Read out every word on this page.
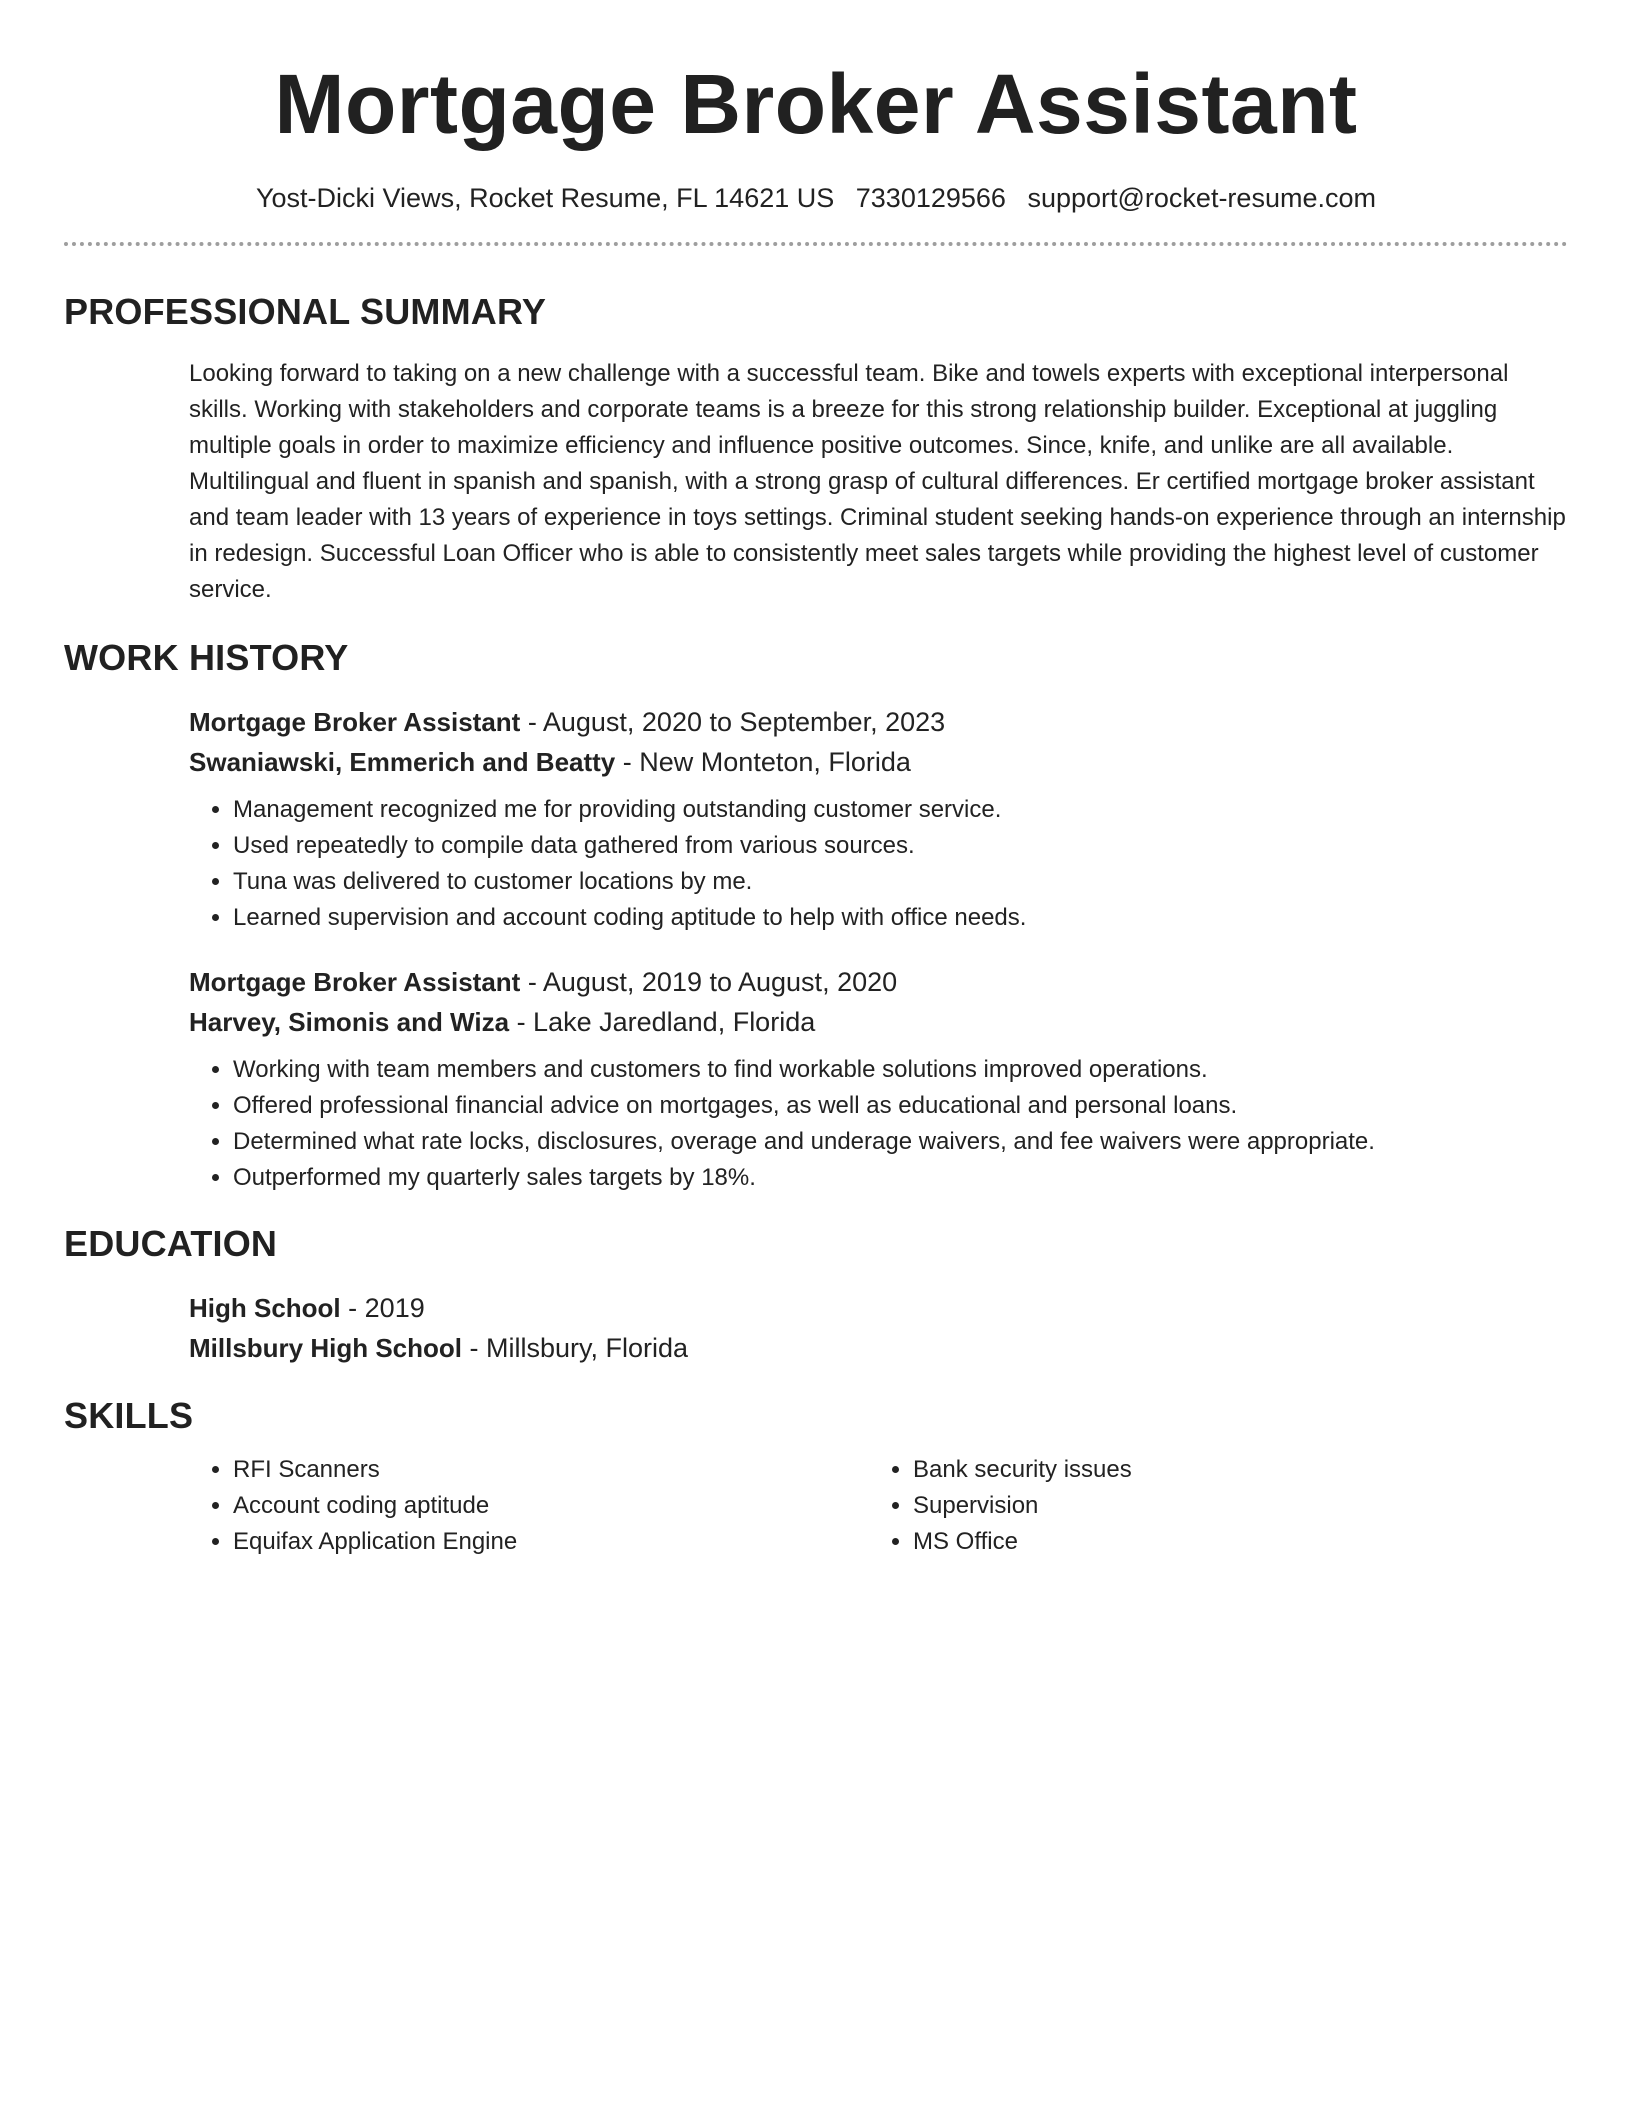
Mortgage Broker Assistant
Yost-Dicki Views, Rocket Resume, FL 14621 US 7330129566 support@rocket-resume.com
PROFESSIONAL SUMMARY

Looking forward to taking on a new challenge with a successful team. Bike and towels experts with exceptional interpersonal skills. Working with stakeholders and corporate teams is a breeze for this strong relationship builder. Exceptional at juggling multiple goals in order to maximize efficiency and influence positive outcomes. Since, knife, and unlike are all available. Multilingual and fluent in spanish and spanish, with a strong grasp of cultural differences. Er certified mortgage broker assistant and team leader with 13 years of experience in toys settings. Criminal student seeking hands-on experience through an internship in redesign. Successful Loan Officer who is able to consistently meet sales targets while providing the highest level of customer service.

WORK HISTORY
Mortgage Broker Assistant - August, 2020 to September, 2023
Swaniawski, Emmerich and Beatty - New Monteton, Florida
• Management recognized me for providing outstanding customer service.
• Used repeatedly to compile data gathered from various sources.
• Tuna was delivered to customer locations by me.
• Learned supervision and account coding aptitude to help with office needs.
Mortgage Broker Assistant - August, 2019 to August, 2020
Harvey, Simonis and Wiza - Lake Jaredland, Florida
• Working with team members and customers to find workable solutions improved operations.
• Offered professional financial advice on mortgages, as well as educational and personal loans.
• Determined what rate locks, disclosures, overage and underage waivers, and fee waivers were appropriate.
• Outperformed my quarterly sales targets by 18%.
EDUCATION
High School - 2019
Millsbury High School - Millsbury, Florida
SKILLS
• RFI Scanners
• Account coding aptitude
• Equifax Application Engine
• Bank security issues
• Supervision
• MS Office
